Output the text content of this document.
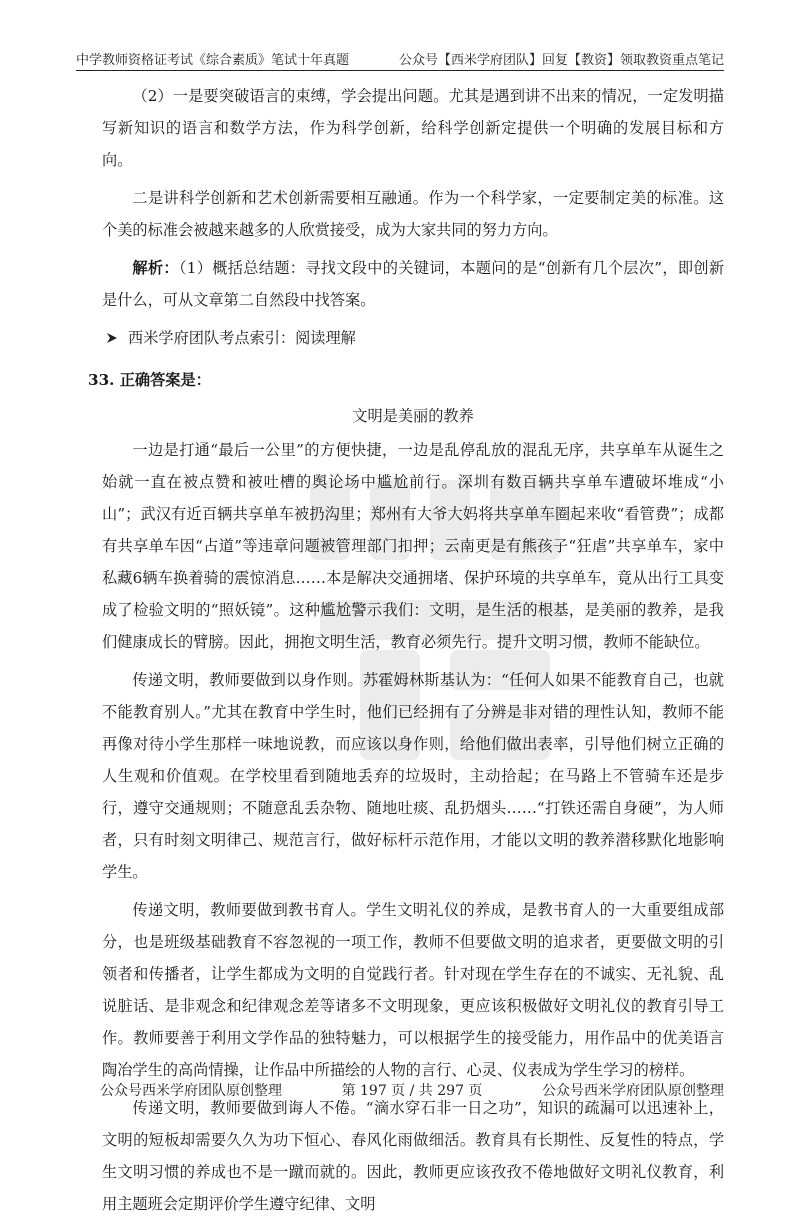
中学教师资格证考试《综合素质》笔试十年真题	公众号【西米学府团队】回复【教资】领取教资重点笔记

（2）一是要突破语言的束缚，学会提出问题。尤其是遇到讲不出来的情况，一定发明描写新知识的语言和数学方法，作为科学创新，给科学创新定提供一个明确的发展目标和方向。

二是讲科学创新和艺术创新需要相互融通。作为一个科学家，一定要制定美的标准。这个美的标准会被越来越多的人欣赏接受，成为大家共同的努力方向。

解析：（1）概括总结题：寻找文段中的关键词，本题问的是“创新有几个层次”，即创新是什么，可从文章第二自然段中找答案。

西米学府团队考点索引：阅读理解
33. 正确答案是：
文明是美丽的教养

一边是打通“最后一公里”的方便快捷，一边是乱停乱放的混乱无序，共享单车从诞生之始就一直在被点赞和被吐槽的舆论场中尴尬前行。深圳有数百辆共享单车遭破坏堆成“小山”；武汉有近百辆共享单车被扔沟里；郑州有大爷大妈将共享单车圈起来收“看管费”；成都有共享单车因“占道”等违章问题被管理部门扣押；云南更是有熊孩子“狂虐”共享单车，家中私藏6辆车换着骑的震惊消息……本是解决交通拥堵、保护环境的共享单车，竟从出行工具变成了检验文明的“照妖镜”。这种尴尬警示我们：文明，是生活的根基，是美丽的教养，是我们健康成长的臂膀。因此，拥抱文明生活，教育必须先行。提升文明习惯，教师不能缺位。

传递文明，教师要做到以身作则。苏霍姆林斯基认为：“任何人如果不能教育自己，也就不能教育别人。”尤其在教育中学生时，他们已经拥有了分辨是非对错的理性认知，教师不能再像对待小学生那样一味地说教，而应该以身作则，给他们做出表率，引导他们树立正确的人生观和价值观。在学校里看到随地丢弃的垃圾时，主动拾起；在马路上不管骑车还是步行，遵守交通规则；不随意乱丢杂物、随地吐痰、乱扔烟头……“打铁还需自身硬”，为人师者，只有时刻文明律己、规范言行，做好标杆示范作用，才能以文明的教养潜移默化地影响学生。

传递文明，教师要做到教书育人。学生文明礼仪的养成，是教书育人的一大重要组成部分，也是班级基础教育不容忽视的一项工作，教师不但要做文明的追求者，更要做文明的引领者和传播者，让学生都成为文明的自觉践行者。针对现在学生存在的不诚实、无礼貌、乱说脏话、是非观念和纪律观念差等诸多不文明现象，更应该积极做好文明礼仪的教育引导工作。教师要善于利用文学作品的独特魅力，可以根据学生的接受能力，用作品中的优美语言陶冶学生的高尚情操，让作品中所描绘的人物的言行、心灵、仪表成为学生学习的榜样。

传递文明，教师要做到诲人不倦。“滴水穿石非一日之功”，知识的疏漏可以迅速补上，文明的短板却需要久久为功下恒心、春风化雨做细活。教育具有长期性、反复性的特点，学生文明习惯的养成也不是一蹴而就的。因此，教师更应该孜孜不倦地做好文明礼仪教育，利用主题班会定期评价学生遵守纪律、文明

公众号西米学府团队原创整理	第 197 页 / 共 297 页	公众号西米学府团队原创整理
